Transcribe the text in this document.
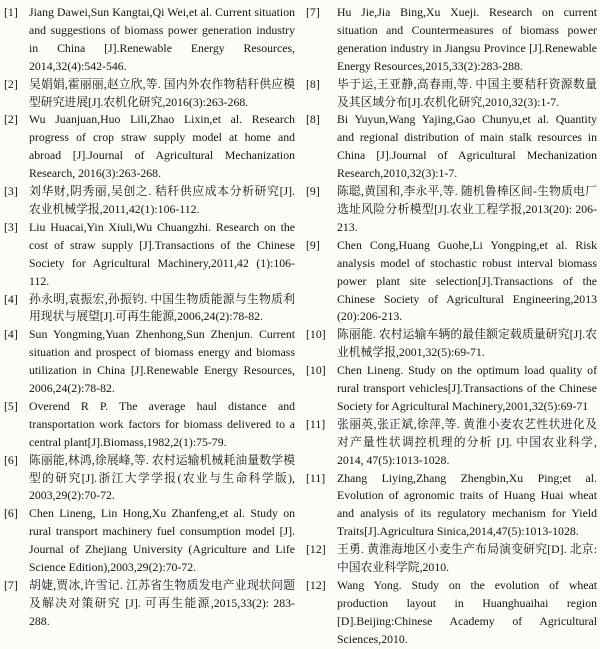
[1] Jiang Dawei,Sun Kangtai,Qi Wei,et al. Current situation and suggestions of biomass power generation industry in China [J].Renewable Energy Resources, 2014,32(4):542-546.
[2] 吴娟娟,霍丽丽,赵立欣,等. 国内外农作物秸秆供应模型研究进展[J].农机化研究,2016(3):263-268.
[2] Wu Juanjuan,Huo Lili,Zhao Lixin,et al. Research progress of crop straw supply model at home and abroad [J].Journal of Agricultural Mechanization Research, 2016(3):263-268.
[3] 刘华财,阴秀丽,吴创之. 秸秆供应成本分析研究[J]. 农业机械学报,2011,42(1):106-112.
[3] Liu Huacai,Yin Xiuli,Wu Chuangzhi. Research on the cost of straw supply [J].Transactions of the Chinese Society for Agricultural Machinery,2011,42 (1):106-112.
[4] 孙永明,袁振宏,孙振钧. 中国生物质能源与生物质利用现状与展望[J].可再生能源,2006,24(2):78-82.
[4] Sun Yongming,Yuan Zhenhong,Sun Zhenjun. Current situation and prospect of biomass energy and biomass utilization in China [J].Renewable Energy Resources, 2006,24(2):78-82.
[5] Overend R P. The average haul distance and transportation work factors for biomass delivered to a central plant[J].Biomass,1982,2(1):75-79.
[6] 陈丽能,林鸿,徐展峰,等. 农村运输机械耗油量数学模型的研究[J].浙江大学学报(农业与生命科学版), 2003,29(2):70-72.
[6] Chen Lineng, Lin Hong,Xu Zhanfeng,et al. Study on rural transport machinery fuel consumption model [J]. Journal of Zhejiang University (Agriculture and Life Science Edition),2003,29(2):70-72.
[7] 胡婕,贾冰,许雪记. 江苏省生物质发电产业现状问题及解决对策研究 [J]. 可再生能源,2015,33(2): 283-288.
[7]	Hu Jie,Jia Bing,Xu Xueji. Research on current situation and Countermeasures of biomass power generation industry in Jiangsu Province [J].Renewable Energy Resources,2015,33(2):283-288.
[8]	毕于运,王亚静,高春雨,等. 中国主要秸秆资源数量及其区域分布[J].农机化研究,2010,32(3):1-7.
[8]	Bi Yuyun,Wang Yajing,Gao Chunyu,et al. Quantity and regional distribution of main stalk resources in China [J].Journal of Agricultural Mechanization Research,2010,32(3):1-7.
[9]	陈聪,黄国和,李永平,等. 随机鲁棒区间-生物质电厂选址风险分析模型[J].农业工程学报,2013(20): 206-213.
[9]	Chen Cong,Huang Guohe,Li Yongping,et al. Risk analysis model of stochastic robust interval biomass power plant site selection[J].Transactions of the Chinese Society of Agricultural Engineering,2013 (20):206-213.
[10] 陈丽能. 农村运输车辆的最佳额定载质量研究[J].农业机械学报,2001,32(5):69-71.
[10] Chen Lineng. Study on the optimum load quality of rural transport vehicles[J].Transactions of the Chinese Society for Agricultural Machinery,2001,32(5):69-71
[11] 张丽英,张正斌,徐萍,等. 黄淮小麦农艺性状进化及对产量性状调控机理的分析 [J]. 中国农业科学, 2014, 47(5):1013-1028.
[11] Zhang Liying,Zhang Zhengbin,Xu Ping;et al. Evolution of agronomic traits of Huang Huai wheat and analysis of its regulatory mechanism for Yield Traits[J].Agricultura Sinica,2014,47(5):1013-1028.
[12] 王勇. 黄淮海地区小麦生产布局演变研究[D]. 北京: 中国农业科学院,2010.
[12] Wang Yong. Study on the evolution of wheat production layout in Huanghuaihai region [D].Beijing:Chinese Academy of Agricultural Sciences,2010.
